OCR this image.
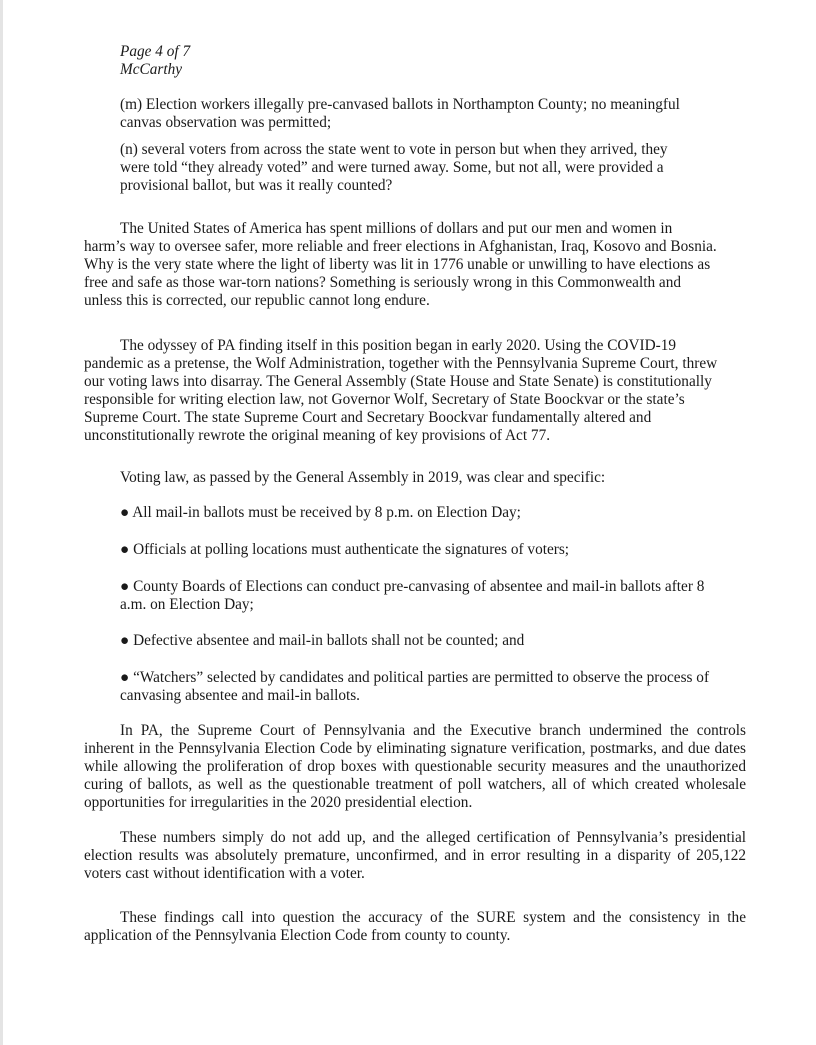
Page 4 of 7
McCarthy
(m) Election workers illegally pre-canvased ballots in Northampton County; no meaningful
canvas observation was permitted;
(n) several voters from across the state went to vote in person but when they arrived, they
were told “they already voted” and were turned away. Some, but not all, were provided a
provisional ballot, but was it really counted?
The United States of America has spent millions of dollars and put our men and women in
harm’s way to oversee safer, more reliable and freer elections in Afghanistan, Iraq, Kosovo and Bosnia.
Why is the very state where the light of liberty was lit in 1776 unable or unwilling to have elections as
free and safe as those war-torn nations? Something is seriously wrong in this Commonwealth and
unless this is corrected, our republic cannot long endure.
The odyssey of PA finding itself in this position began in early 2020. Using the COVID-19
pandemic as a pretense, the Wolf Administration, together with the Pennsylvania Supreme Court, threw
our voting laws into disarray. The General Assembly (State House and State Senate) is constitutionally
responsible for writing election law, not Governor Wolf, Secretary of State Boockvar or the state’s
Supreme Court. The state Supreme Court and Secretary Boockvar fundamentally altered and
unconstitutionally rewrote the original meaning of key provisions of Act 77.
Voting law, as passed by the General Assembly in 2019, was clear and specific:
● All mail-in ballots must be received by 8 p.m. on Election Day;
● Officials at polling locations must authenticate the signatures of voters;
● County Boards of Elections can conduct pre-canvasing of absentee and mail-in ballots after 8
a.m. on Election Day;
● Defective absentee and mail-in ballots shall not be counted; and
● “Watchers” selected by candidates and political parties are permitted to observe the process of
canvasing absentee and mail-in ballots.
In PA, the Supreme Court of Pennsylvania and the Executive branch undermined the controls
inherent in the Pennsylvania Election Code by eliminating signature verification, postmarks, and due dates
while allowing the proliferation of drop boxes with questionable security measures and the unauthorized
curing of ballots, as well as the questionable treatment of poll watchers, all of which created wholesale
opportunities for irregularities in the 2020 presidential election.
These numbers simply do not add up, and the alleged certification of Pennsylvania’s presidential
election results was absolutely premature, unconfirmed, and in error resulting in a disparity of 205,122
voters cast without identification with a voter.
These findings call into question the accuracy of the SURE system and the consistency in the
application of the Pennsylvania Election Code from county to county.
